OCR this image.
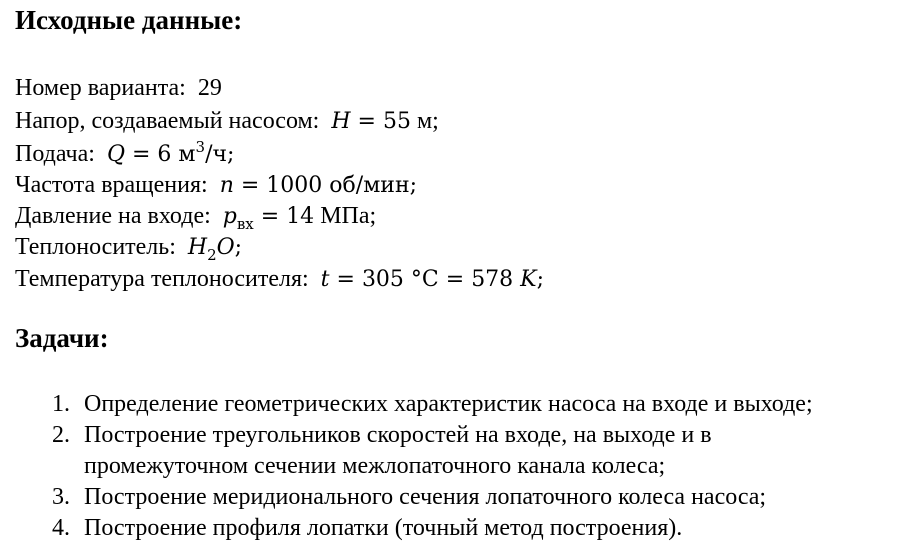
Исходные данные:
Номер варианта: 29
Напор, создаваемый насосом: H = 55 м;
Подача: Q = 6 $м^3/ч$;
Частота вращения: n = 1000 об/мин;
Давление на входе: $p_{вх} = 14$ МПа;
Теплоноситель: $H_2O$;
Температура теплоносителя: t = 305 °C = 578 K;
Задачи:
1. Определение геометрических характеристик насоса на входе и выходе;
2. Построение треугольников скоростей на входе, на выходе и в
промежуточном сечении межлопаточного канала колеса;
3. Построение меридионального сечения лопаточного колеса насоса;
4. Построение профиля лопатки (точный метод построения).
